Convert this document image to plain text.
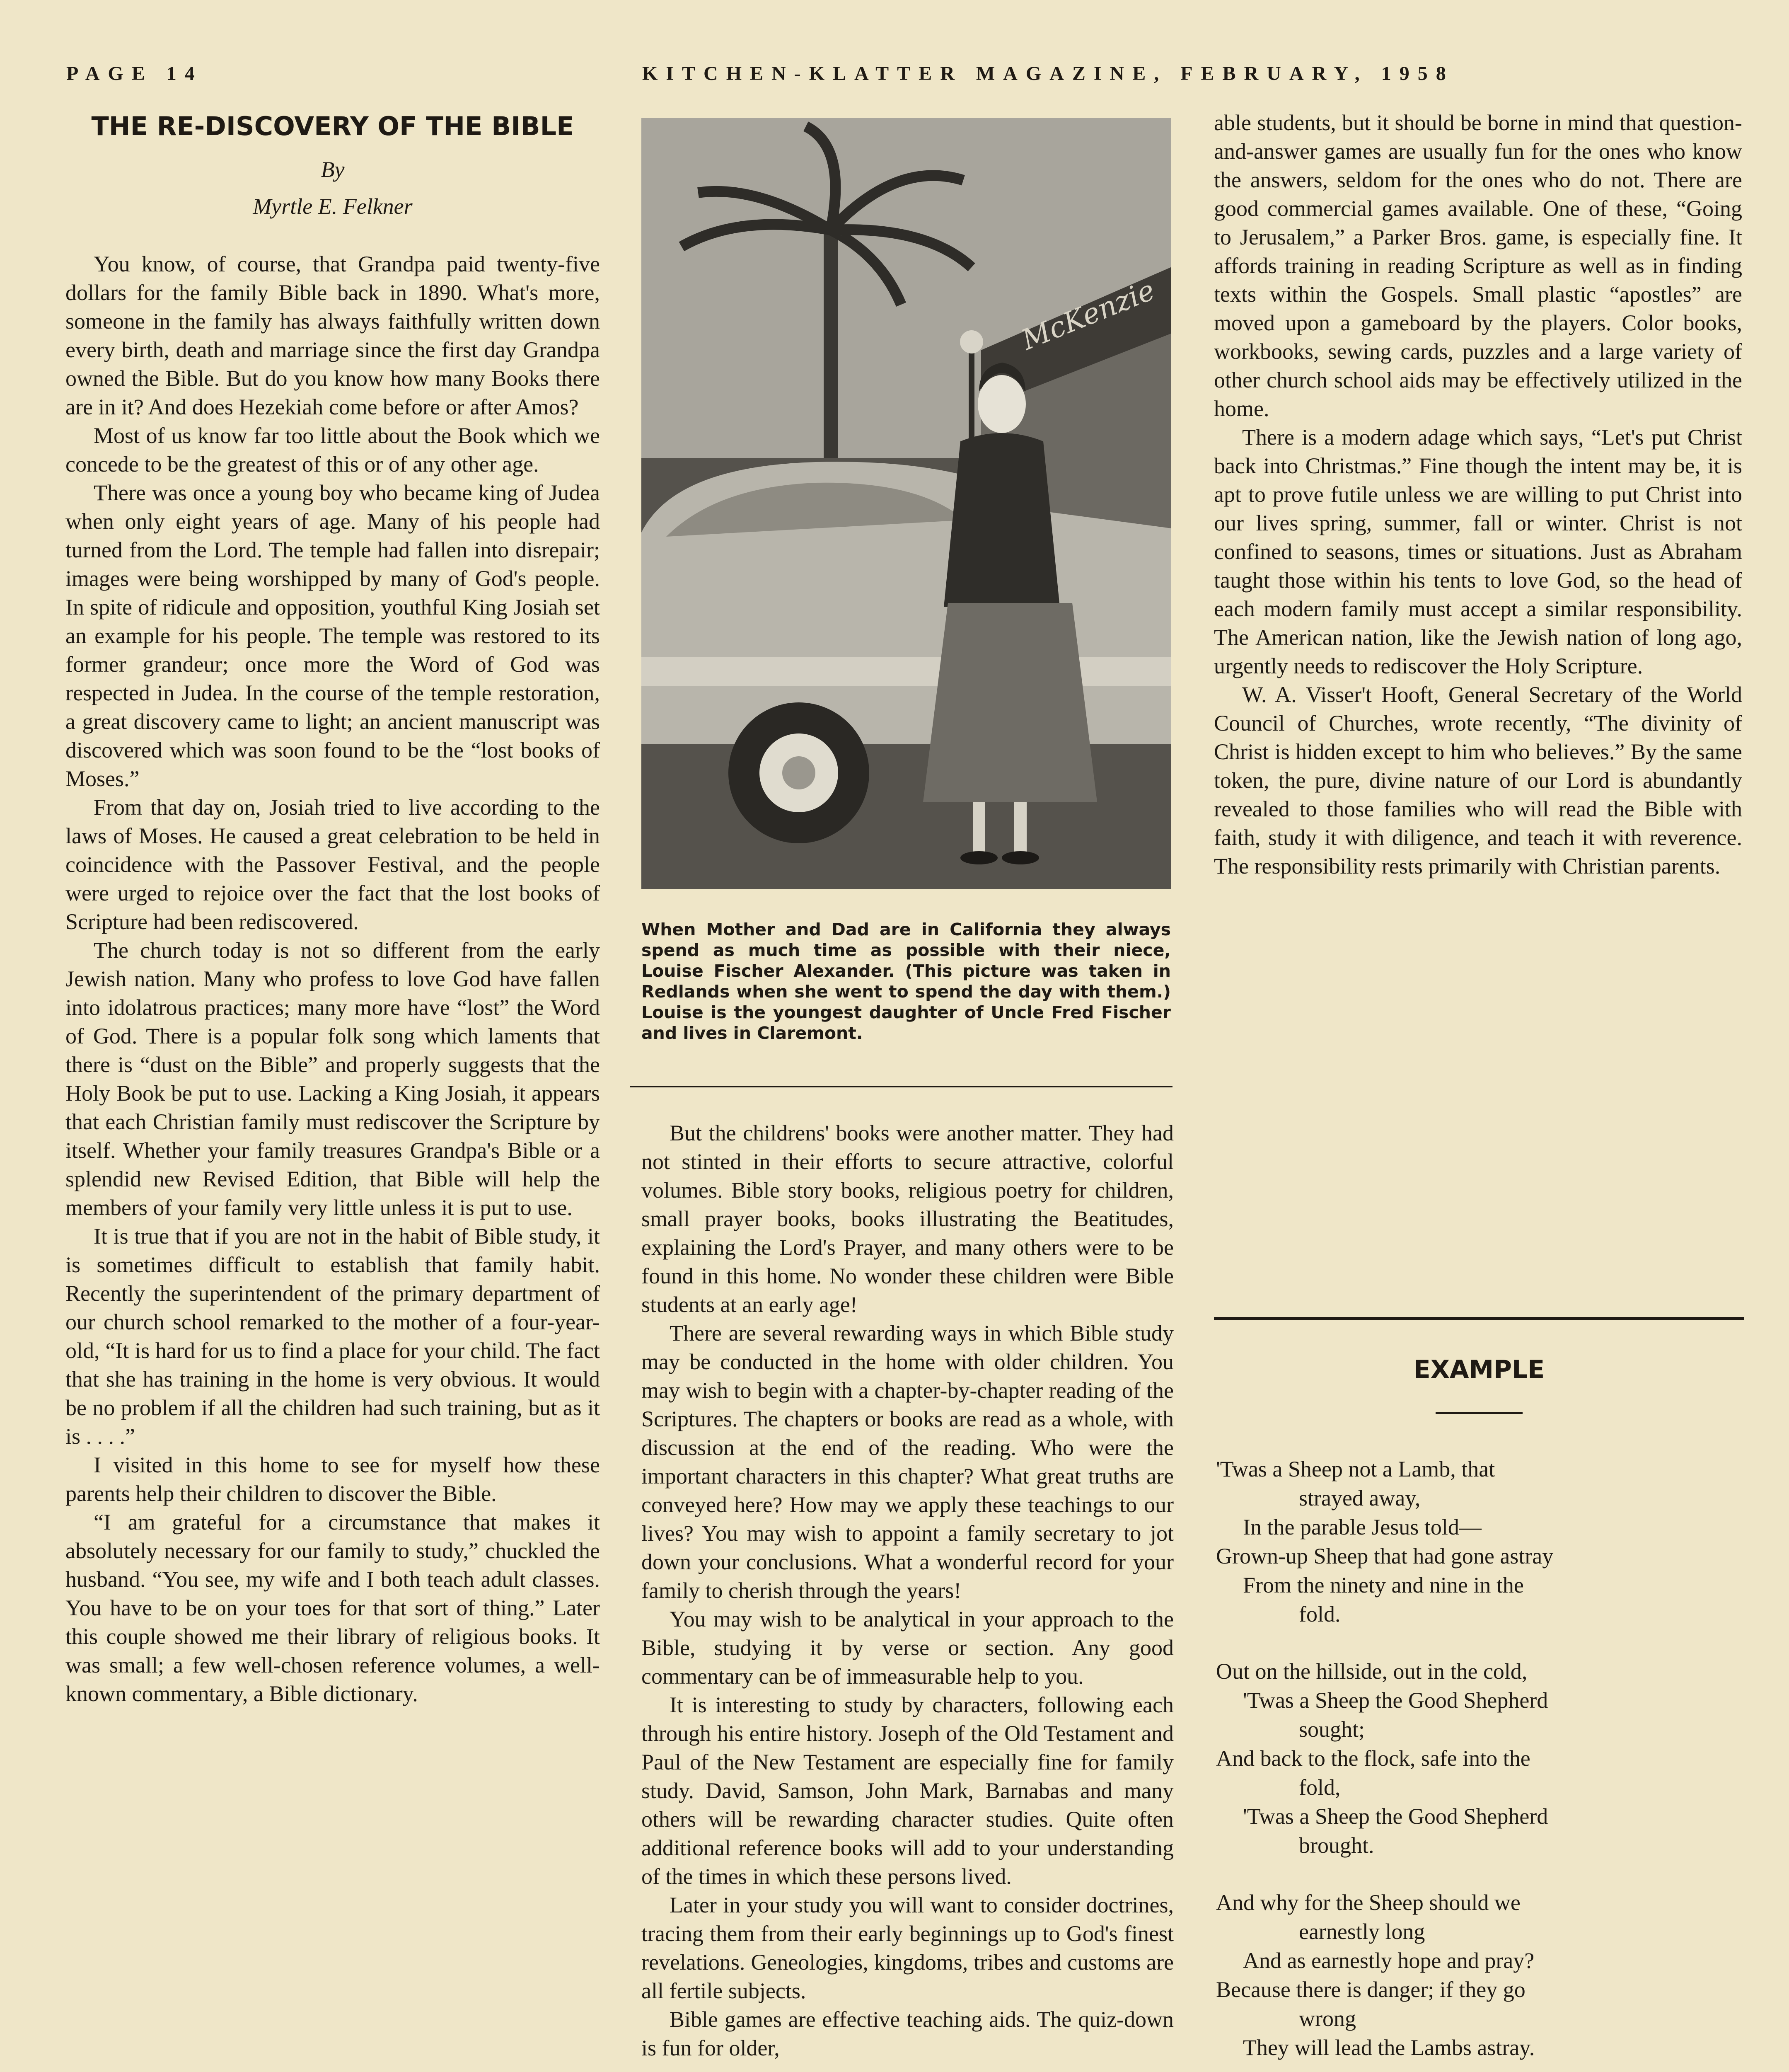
PAGE 14	KITCHEN-KLATTER MAGAZINE, FEBRUARY, 1958
THE RE-DISCOVERY OF THE BIBLE

By

Myrtle E. Felkner

You know, of course, that Grandpa paid twenty-five dollars for the family Bible back in 1890. What's more, someone in the family has always faithfully written down every birth, death and marriage since the first day Grandpa owned the Bible. But do you know how many Books there are in it? And does Hezekiah come before or after Amos?

Most of us know far too little about the Book which we concede to be the greatest of this or of any other age.

There was once a young boy who became king of Judea when only eight years of age. Many of his people had turned from the Lord. The temple had fallen into disrepair; images were being worshipped by many of God's people. In spite of ridicule and opposition, youthful King Josiah set an example for his people. The temple was restored to its former grandeur; once more the Word of God was respected in Judea. In the course of the temple restoration, a great discovery came to light; an ancient manuscript was discovered which was soon found to be the “lost books of Moses.”

From that day on, Josiah tried to live according to the laws of Moses. He caused a great celebration to be held in coincidence with the Passover Festival, and the people were urged to rejoice over the fact that the lost books of Scripture had been rediscovered.

The church today is not so different from the early Jewish nation. Many who profess to love God have fallen into idolatrous practices; many more have “lost” the Word of God. There is a popular folk song which laments that there is “dust on the Bible” and properly suggests that the Holy Book be put to use. Lacking a King Josiah, it appears that each Christian family must rediscover the Scripture by itself. Whether your family treasures Grandpa's Bible or a splendid new Revised Edition, that Bible will help the members of your family very little unless it is put to use.

It is true that if you are not in the habit of Bible study, it is sometimes difficult to establish that family habit. Recently the superintendent of the primary department of our church school remarked to the mother of a four-year-old, “It is hard for us to find a place for your child. The fact that she has training in the home is very obvious. It would be no problem if all the children had such training, but as it is . . . .”

I visited in this home to see for myself how these parents help their children to discover the Bible.

“I am grateful for a circumstance that makes it absolutely necessary for our family to study,” chuckled the husband. “You see, my wife and I both teach adult classes. You have to be on your toes for that sort of thing.” Later this couple showed me their library of religious books. It was small; a few well-chosen reference volumes, a well-known commentary, a Bible dictionary.

McKenzie
When Mother and Dad are in California they always spend as much time as possible with their niece, Louise Fischer Alexander. (This picture was taken in Redlands when she went to spend the day with them.) Louise is the youngest daughter of Uncle Fred Fischer and lives in Claremont.

But the childrens' books were another matter. They had not stinted in their efforts to secure attractive, colorful volumes. Bible story books, religious poetry for children, small prayer books, books illustrating the Beatitudes, explaining the Lord's Prayer, and many others were to be found in this home. No wonder these children were Bible students at an early age!

There are several rewarding ways in which Bible study may be conducted in the home with older children. You may wish to begin with a chapter-by-chapter reading of the Scriptures. The chapters or books are read as a whole, with discussion at the end of the reading. Who were the important characters in this chapter? What great truths are conveyed here? How may we apply these teachings to our lives? You may wish to appoint a family secretary to jot down your conclusions. What a wonderful record for your family to cherish through the years!

You may wish to be analytical in your approach to the Bible, studying it by verse or section. Any good commentary can be of immeasurable help to you.

It is interesting to study by characters, following each through his entire history. Joseph of the Old Testament and Paul of the New Testament are especially fine for family study. David, Samson, John Mark, Barnabas and many others will be rewarding character studies. Quite often additional reference books will add to your understanding of the times in which these persons lived.

Later in your study you will want to consider doctrines, tracing them from their early beginnings up to God's finest revelations. Geneologies, kingdoms, tribes and customs are all fertile subjects.

Bible games are effective teaching aids. The quiz-down is fun for older,

able students, but it should be borne in mind that question-and-answer games are usually fun for the ones who know the answers, seldom for the ones who do not. There are good commercial games available. One of these, “Going to Jerusalem,” a Parker Bros. game, is especially fine. It affords training in reading Scripture as well as in finding texts within the Gospels. Small plastic “apostles” are moved upon a gameboard by the players. Color books, workbooks, sewing cards, puzzles and a large variety of other church school aids may be effectively utilized in the home.

There is a modern adage which says, “Let's put Christ back into Christmas.” Fine though the intent may be, it is apt to prove futile unless we are willing to put Christ into our lives spring, summer, fall or winter. Christ is not confined to seasons, times or situations. Just as Abraham taught those within his tents to love God, so the head of each modern family must accept a similar responsibility. The American nation, like the Jewish nation of long ago, urgently needs to rediscover the Holy Scripture.

W. A. Visser't Hooft, General Secretary of the World Council of Churches, wrote recently, “The divinity of Christ is hidden except to him who believes.” By the same token, the pure, divine nature of our Lord is abundantly revealed to those families who will read the Bible with faith, study it with diligence, and teach it with reverence. The responsibility rests primarily with Christian parents.

EXAMPLE
'Twas a Sheep not a Lamb, that
strayed away,
In the parable Jesus told—
Grown-up Sheep that had gone astray
From the ninety and nine in the
fold.
Out on the hillside, out in the cold,
'Twas a Sheep the Good Shepherd
sought;
And back to the flock, safe into the
fold,
'Twas a Sheep the Good Shepherd
brought.
And why for the Sheep should we
earnestly long
And as earnestly hope and pray?
Because there is danger; if they go
wrong
They will lead the Lambs astray.
